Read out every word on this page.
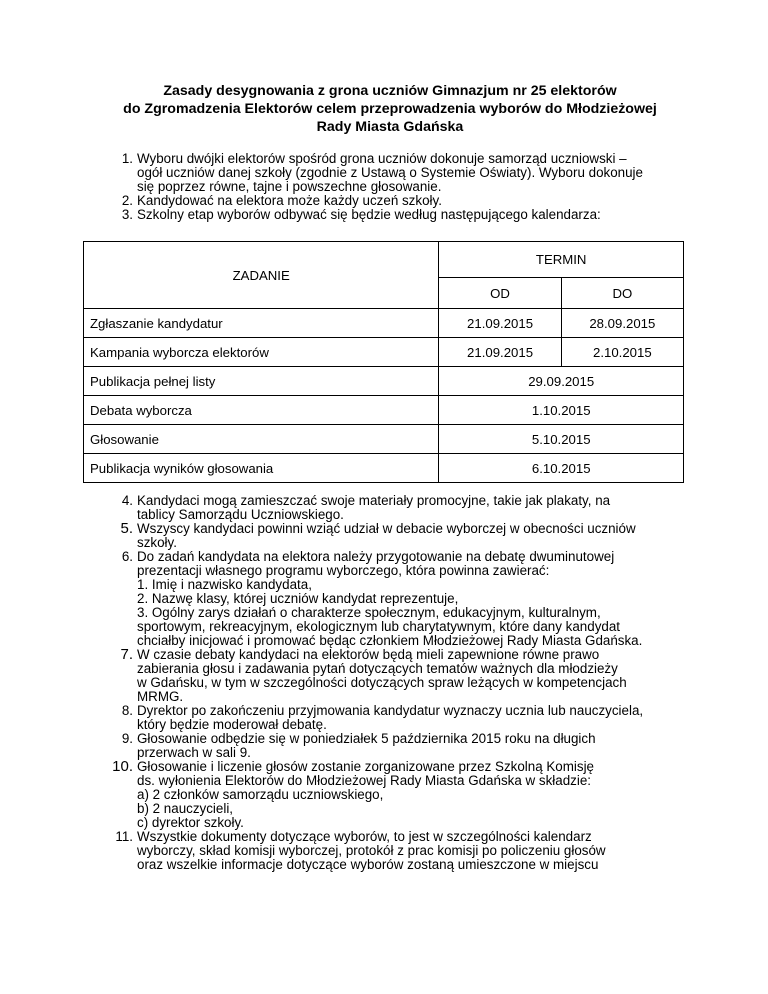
Zasady desygnowania z grona uczniów Gimnazjum nr 25 elektorów
do Zgromadzenia Elektorów celem przeprowadzenia wyborów do Młodzieżowej
Rady Miasta Gdańska
1. Wyboru dwójki elektorów spośród grona uczniów dokonuje samorząd uczniowski –
ogół uczniów danej szkoły (zgodnie z Ustawą o Systemie Oświaty). Wyboru dokonuje
się poprzez równe, tajne i powszechne głosowanie.
2. Kandydować na elektora może każdy uczeń szkoły.
3. Szkolny etap wyborów odbywać się będzie według następującego kalendarza:
ZADANIE	TERMIN	
	OD	DO
Zgłaszanie kandydatur	21.09.2015	28.09.2015
Kampania wyborcza elektorów	21.09.2015	2.10.2015
Publikacja pełnej listy	29.09.2015	
Debata wyborcza	1.10.2015	
Głosowanie	5.10.2015	
Publikacja wyników głosowania	6.10.2015	
4. Kandydaci mogą zamieszczać swoje materiały promocyjne, takie jak plakaty, na
tablicy Samorządu Uczniowskiego.
5. Wszyscy kandydaci powinni wziąć udział w debacie wyborczej w obecności uczniów
szkoły.
6. Do zadań kandydata na elektora należy przygotowanie na debatę dwuminutowej
prezentacji własnego programu wyborczego, która powinna zawierać:
1. Imię i nazwisko kandydata,
2. Nazwę klasy, której uczniów kandydat reprezentuje,
3. Ogólny zarys działań o charakterze społecznym, edukacyjnym, kulturalnym,
sportowym, rekreacyjnym, ekologicznym lub charytatywnym, które dany kandydat
chciałby inicjować i promować będąc członkiem Młodzieżowej Rady Miasta Gdańska.
7. W czasie debaty kandydaci na elektorów będą mieli zapewnione równe prawo
zabierania głosu i zadawania pytań dotyczących tematów ważnych dla młodzieży
w Gdańsku, w tym w szczególności dotyczących spraw leżących w kompetencjach
MRMG.
8. Dyrektor po zakończeniu przyjmowania kandydatur wyznaczy ucznia lub nauczyciela,
który będzie moderował debatę.
9. Głosowanie odbędzie się w poniedziałek 5 października 2015 roku na długich
przerwach w sali 9.
10. Głosowanie i liczenie głosów zostanie zorganizowane przez Szkolną Komisję
ds. wyłonienia Elektorów do Młodzieżowej Rady Miasta Gdańska w składzie:
a) 2 członków samorządu uczniowskiego,
b) 2 nauczycieli,
c) dyrektor szkoły.
11. Wszystkie dokumenty dotyczące wyborów, to jest w szczególności kalendarz
wyborczy, skład komisji wyborczej, protokół z prac komisji po policzeniu głosów
oraz wszelkie informacje dotyczące wyborów zostaną umieszczone w miejscu
